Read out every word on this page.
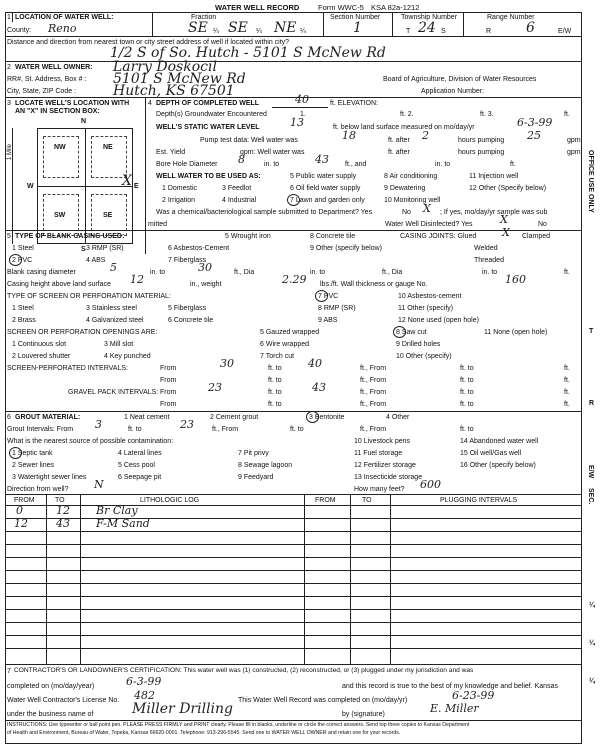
WATER WELL RECORD Form WWC-5 KSA 82a-1212
1 LOCATION OF WATER WELL:	Fraction	Section Number	Township Number	Range Number
County: Reno	SE ¼ SE ¼ NE ¼	1	T 24 S	R 6	E/W
Distance and direction from nearest town or city street address of well if located within city?
1/2 S of So. Hutch - 5101 S McNew Rd
2 WATER WELL OWNER: Larry Doskocil
RR#, St. Address, Box # : 5101 S McNew Rd	Board of Agriculture, Division of Water Resources
City, State, ZIP Code :	Hutch, KS 67501	Application Number:
3 LOCATE WELL'S LOCATION WITH
AN "X" IN SECTION BOX:
N
S
W	E
NW	NE
SW	SE
X
1 Mile
4 DEPTH OF COMPLETED WELL	40	ft. ELEVATION:
Depth(s) Groundwater Encountered	1.	ft. 2.	ft. 3.	ft.
WELL'S STATIC WATER LEVEL	13	ft. below land surface measured on mo/day/yr	6-3-99
Pump test data: Well water was	18	ft. after 2	hours pumping 25	gpm
Est. Yield	gpm: Well water was	ft. after	hours pumping	gpm
Bore Hole Diameter 8	in. to	43 ft., and	in. to	ft.
WELL WATER TO BE USED AS:	5 Public water supply	8 Air conditioning	11 Injection well
1 Domestic	3 Feedlot	6 Oil field water supply	9 Dewatering	12 Other (Specify below)
2 Irrigation	4 Industrial	7 Lawn and garden only	10 Monitoring well
Was a chemical/bacteriological sample submitted to Department? Yes	No X ; If yes, mo/day/yr sample was sub
mitted	Water Well Disinfected? Yes X	No
5 TYPE OF BLANK CASING USED:	5 Wrought iron	8 Concrete tile	CASING JOINTS: Glued X Clamped
1 Steel	3 RMP (SR)	6 Asbestos-Cement	9 Other (specify below)	Welded
2 PVC	4 ABS	7 Fiberglass	Threaded
Blank casing diameter	5	in. to	30	ft., Dia	in. to	ft., Dia	in. to	ft.
Casing height above land surface 12	in., weight	2.29 lbs./ft. Wall thickness or gauge No.	160
TYPE OF SCREEN OR PERFORATION MATERIAL:	7 PVC	10 Asbestos-cement
1 Steel	3 Stainless steel	5 Fiberglass	8 RMP (SR)	11 Other (specify)
2 Brass	4 Galvanized steel	6 Concrete tile	9 ABS	12 None used (open hole)
SCREEN OR PERFORATION OPENINGS ARE:	5 Gauzed wrapped	8 Saw cut	11 None (open hole)
1 Continuous slot	3 Mill slot	6 Wire wrapped	9 Drilled holes
2 Louvered shutter	4 Key punched	7 Torch cut	10 Other (specify)
SCREEN-PERFORATED INTERVALS:	From	30	ft. to 40	ft., From	ft. to	ft.
From	ft. to	ft., From	ft. to	ft.
GRAVEL PACK INTERVALS: From	23	ft. to	43	ft., From	ft. to	ft.
From	ft. to	ft., From	ft. to	ft.
6 GROUT MATERIAL:	1 Neat cement	2 Cement grout	3 Bentonite	4 Other
Grout Intervals: From 3	ft. to	23	ft., From	ft. to	ft., From	ft. to
What is the nearest source of possible contamination:	10 Livestock pens	14 Abandoned water well
1 Septic tank	4 Lateral lines	7 Pit privy	11 Fuel storage	15 Oil well/Gas well
2 Sewer lines	5 Cess pool	8 Sewage lagoon	12 Fertilizer storage	16 Other (specify below)
3 Watertight sewer lines	6 Seepage pit	9 Feedyard	13 Insecticide storage
Direction from well? N	How many feet? 600
FROM	TO	LITHOLOGIC LOG	FROM	TO	PLUGGING INTERVALS
0	12 Br Clay
12	43 F-M Sand
7 CONTRACTOR'S OR LANDOWNER'S CERTIFICATION: This water well was (1) constructed, (2) reconstructed, or (3) plugged under my jurisdiction and was
completed on (mo/day/year)	6-3-99	and this record is true to the best of my knowledge and belief. Kansas
Water Well Contractor's License No. 482	This Water Well Record was completed on (mo/day/yr)	6-23-99
under the business name of	Miller Drilling	by (signature)	E. Miller
INSTRUCTIONS: Use typewriter or ball point pen. PLEASE PRESS FIRMLY and PRINT clearly. Please fill in blanks, underline or circle the correct answers. Send top three copies to Kansas Department
of Health and Environment, Bureau of Water, Topeka, Kansas 66620-0001. Telephone: 913-296-5545. Send one to WATER WELL OWNER and retain one for your records.
OFFICE USE ONLY
T
R
E/W
SEC.
¼
¼
¼
